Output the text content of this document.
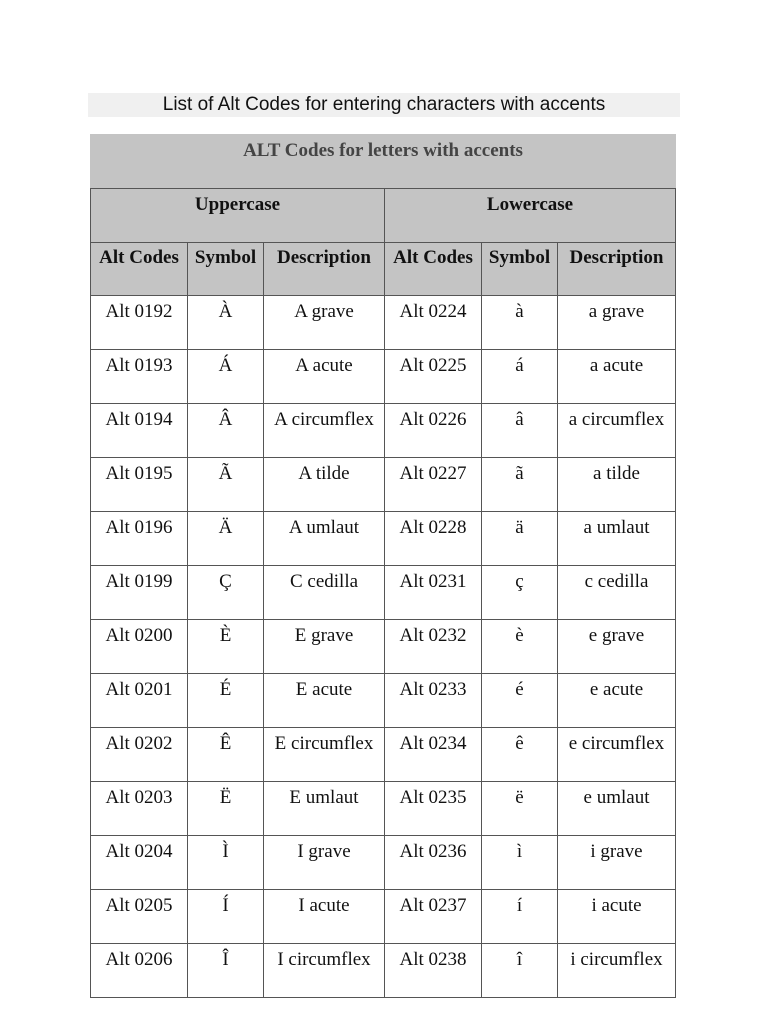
List of Alt Codes for entering characters with accents
ALT Codes for letters with accents					
Uppercase			Lowercase		
Alt Codes	Symbol	Description	Alt Codes	Symbol	Description
Alt 0192	À	A grave	Alt 0224	à	a grave
Alt 0193	Á	A acute	Alt 0225	á	a acute
Alt 0194	Â	A circumflex	Alt 0226	â	a circumflex
Alt 0195	Ã	A tilde	Alt 0227	ã	a tilde
Alt 0196	Ä	A umlaut	Alt 0228	ä	a umlaut
Alt 0199	Ç	C cedilla	Alt 0231	ç	c cedilla
Alt 0200	È	E grave	Alt 0232	è	e grave
Alt 0201	É	E acute	Alt 0233	é	e acute
Alt 0202	Ê	E circumflex	Alt 0234	ê	e circumflex
Alt 0203	Ë	E umlaut	Alt 0235	ë	e umlaut
Alt 0204	Ì	I grave	Alt 0236	ì	i grave
Alt 0205	Í	I acute	Alt 0237	í	i acute
Alt 0206	Î	I circumflex	Alt 0238	î	i circumflex
